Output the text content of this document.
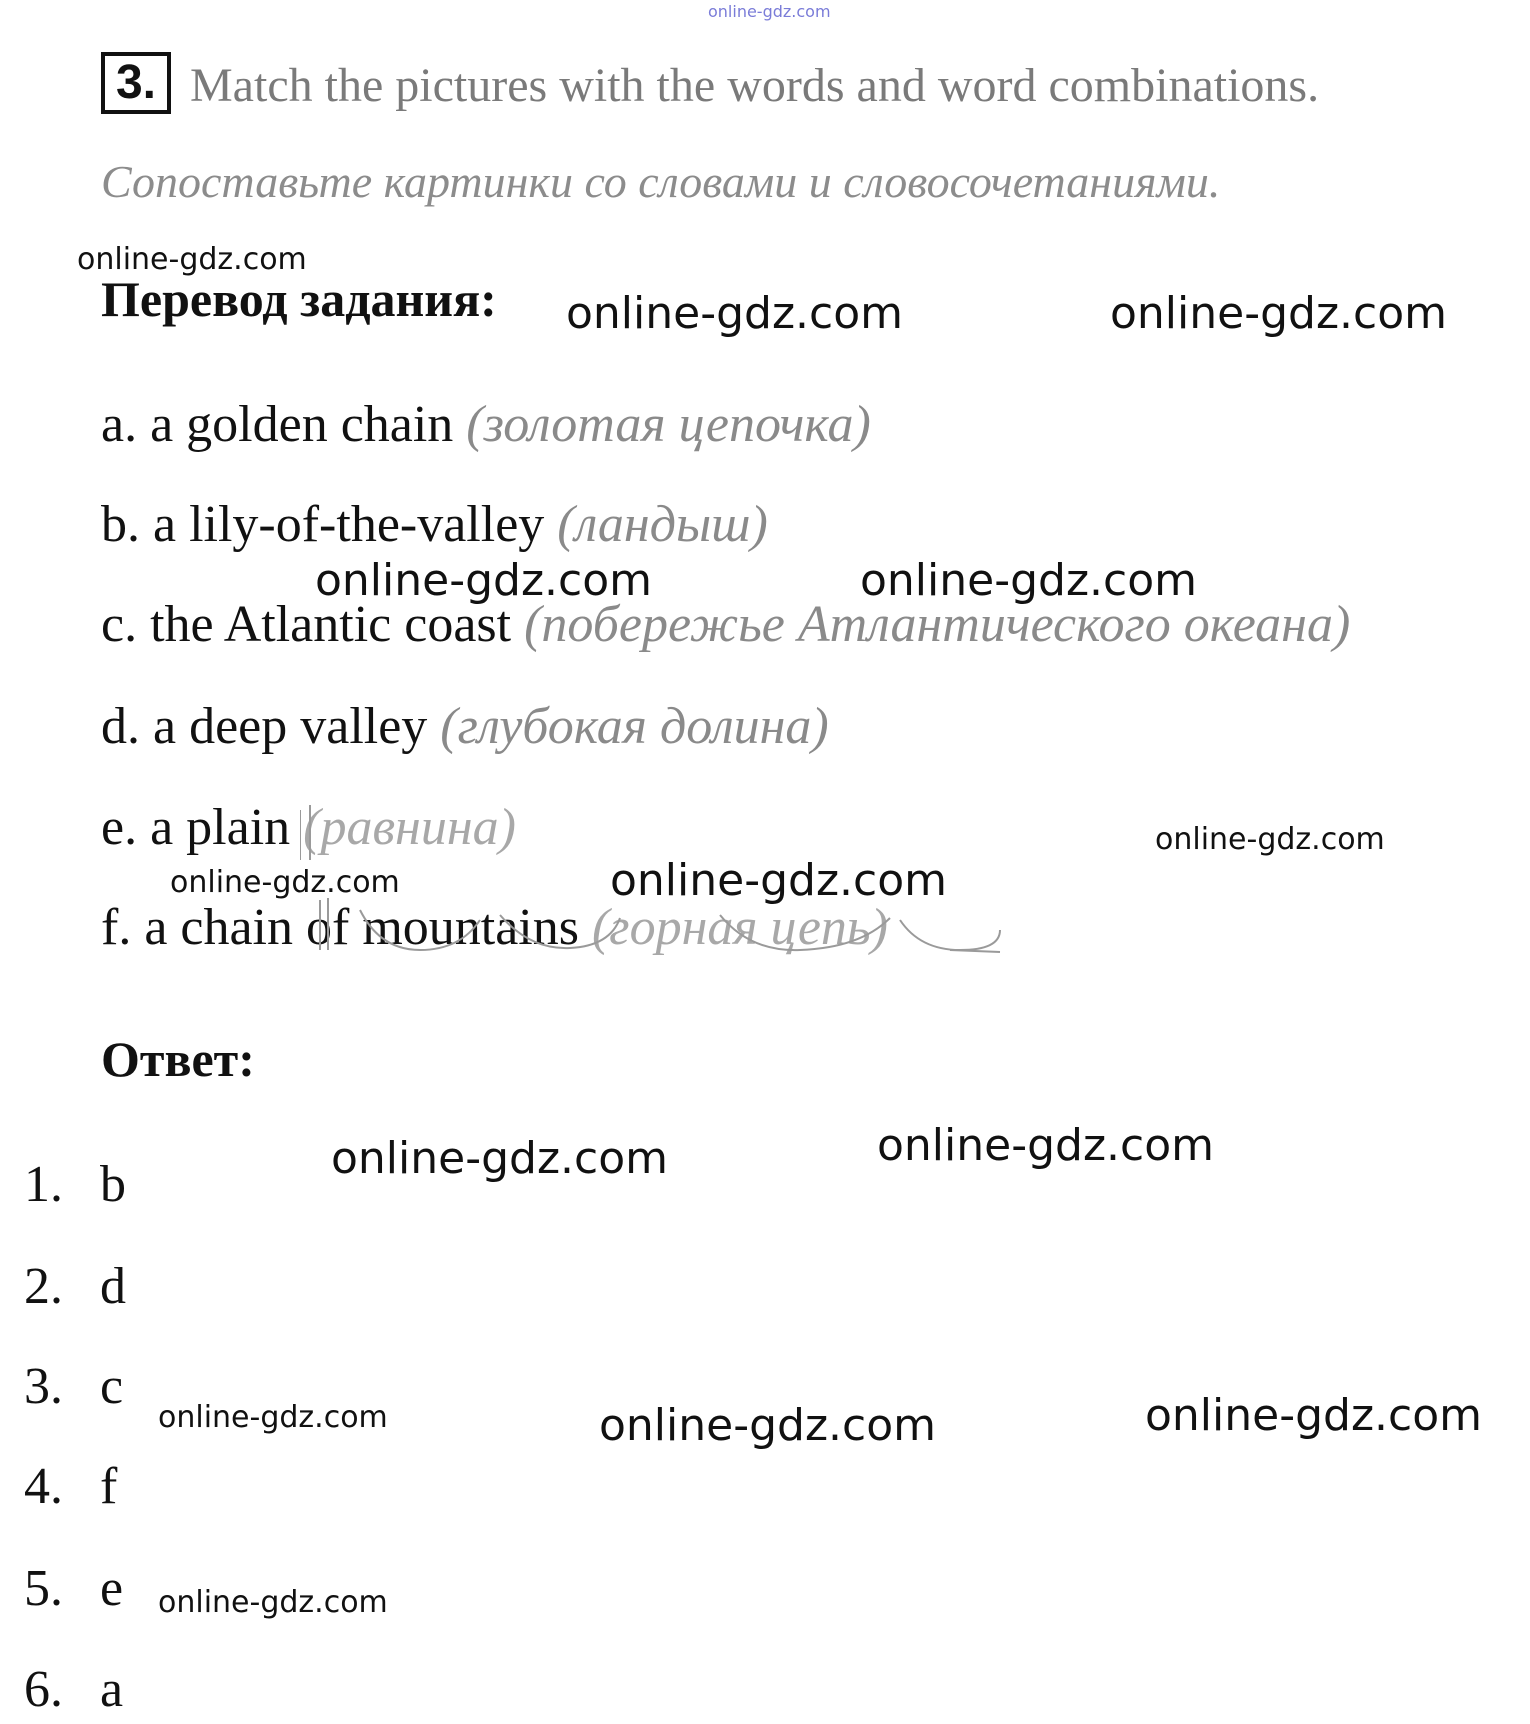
3. Match the pictures with the words and word combinations.
Сопоставьте картинки со словами и словосочетаниями.
Перевод задания:
a. a golden chain (золотая цепочка)
b. a lily-of-the-valley (ландыш)
c. the Atlantic coast (побережье Атлантического океана)
d. a deep valley (глубокая долина)
e. a plain (равнина)
f. a chain of mountains (горная цепь)
Ответ:
1. b
2. d
3. c
4. f
5. e
6. a
online-gdz.com
online-gdz.com
online-gdz.com	online-gdz.com
online-gdz.com	online-gdz.com
online-gdz.com
online-gdz.com	online-gdz.com
online-gdz.com
online-gdz.com
online-gdz.com
online-gdz.com	online-gdz.com
online-gdz.com
